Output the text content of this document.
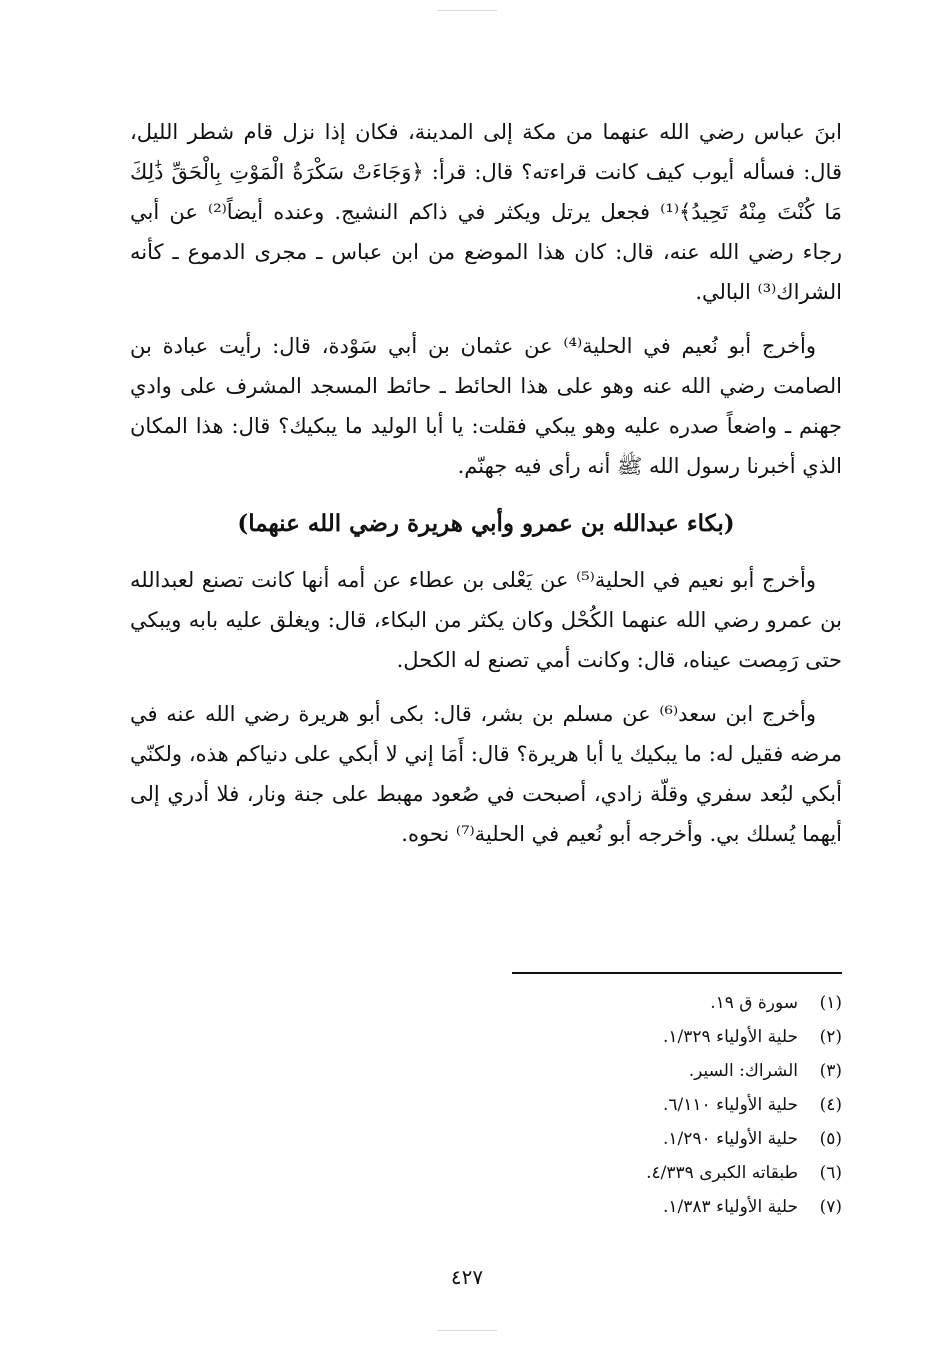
ابنَ عباس رضي الله عنهما من مكة إلى المدينة، فكان إذا نزل قام شطر الليل، قال: فسأله أيوب كيف كانت قراءته؟ قال: قرأ: ﴿وَجَاءَتْ سَكْرَةُ الْمَوْتِ بِالْحَقِّ ذَٰلِكَ مَا كُنْتَ مِنْهُ تَحِيدُ﴾⁽¹⁾ فجعل يرتل ويكثر في ذاكم النشيج. وعنده أيضاً⁽²⁾ عن أبي رجاء رضي الله عنه، قال: كان هذا الموضع من ابن عباس ـ مجرى الدموع ـ كأنه الشراك⁽³⁾ البالي.

وأخرج أبو نُعيم في الحلية⁽⁴⁾ عن عثمان بن أبي سَوْدة، قال: رأيت عبادة بن الصامت رضي الله عنه وهو على هذا الحائط ـ حائط المسجد المشرف على وادي جهنم ـ واضعاً صدره عليه وهو يبكي فقلت: يا أبا الوليد ما يبكيك؟ قال: هذا المكان الذي أخبرنا رسول الله ﷺ أنه رأى فيه جهنّم.

(بكاء عبدالله بن عمرو وأبي هريرة رضي الله عنهما)

وأخرج أبو نعيم في الحلية⁽⁵⁾ عن يَعْلى بن عطاء عن أمه أنها كانت تصنع لعبدالله بن عمرو رضي الله عنهما الكُحْل وكان يكثر من البكاء، قال: ويغلق عليه بابه ويبكي حتى رَمِصت عيناه، قال: وكانت أمي تصنع له الكحل.

وأخرج ابن سعد⁽⁶⁾ عن مسلم بن بشر، قال: بكى أبو هريرة رضي الله عنه في مرضه فقيل له: ما يبكيك يا أبا هريرة؟ قال: أَمَا إني لا أبكي على دنياكم هذه، ولكنّي أبكي لبُعد سفري وقلّة زادي، أصبحت في صُعود مهبط على جنة ونار، فلا أدري إلى أيهما يُسلك بي. وأخرجه أبو نُعيم في الحلية⁽⁷⁾ نحوه.

(١)سورة ق ١٩.
(٢)حلية الأولياء ١/٣٢٩.
(٣)الشراك: السير.
(٤)حلية الأولياء ٦/١١٠.
(٥)حلية الأولياء ١/٢٩٠.
(٦)طبقاته الكبرى ٤/٣٣٩.
(٧)حلية الأولياء ١/٣٨٣.
٤٢٧
